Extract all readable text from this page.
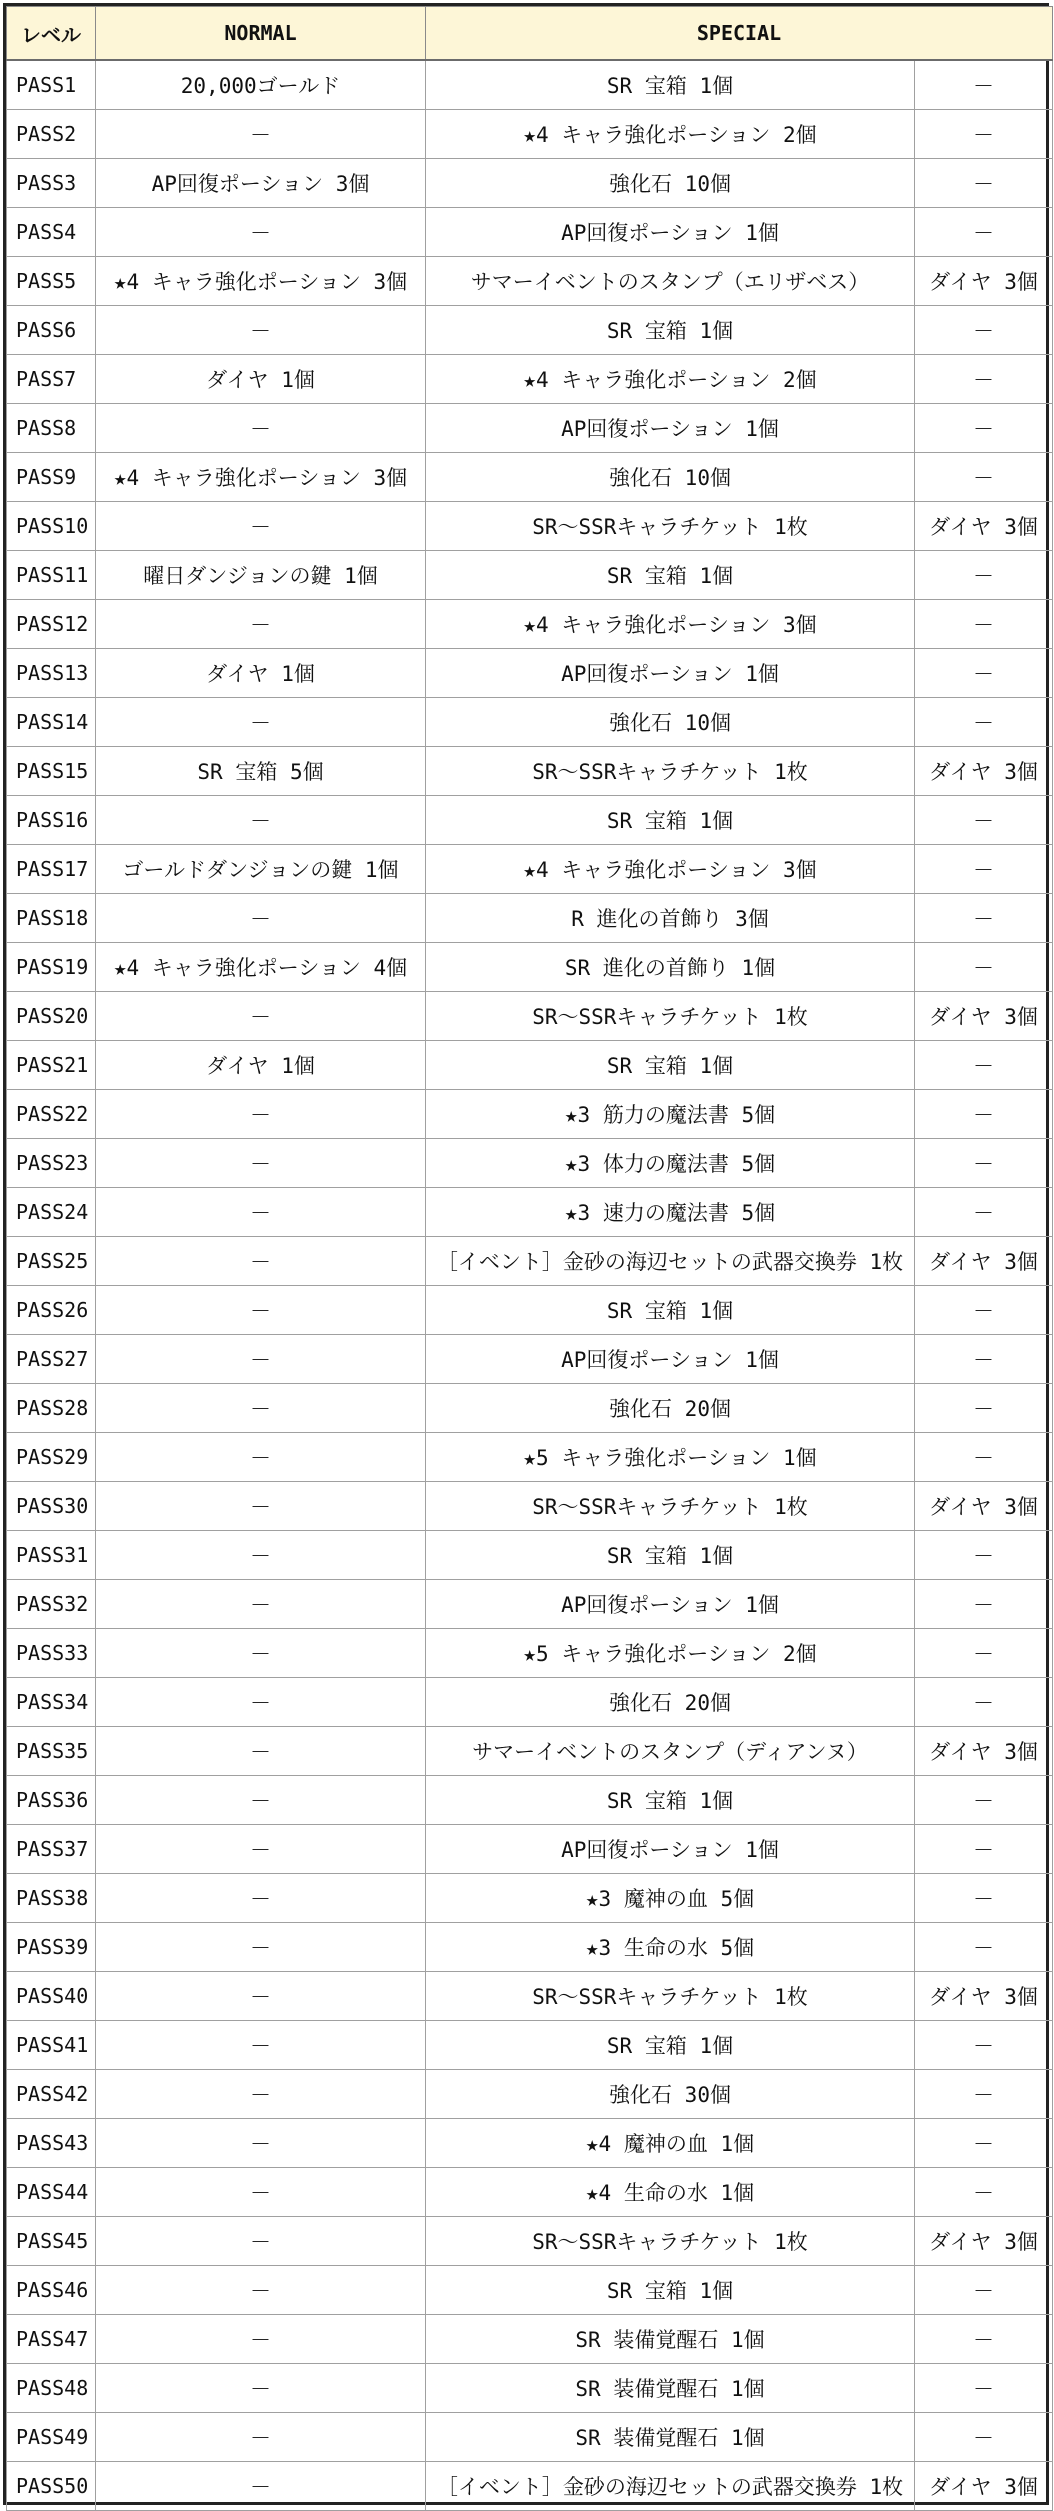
レベル	NORMAL	SPECIAL	
PASS1	20,000ゴールド	SR 宝箱 1個	－
PASS2	－	★4 キャラ強化ポーション 2個	－
PASS3	AP回復ポーション 3個	強化石 10個	－
PASS4	－	AP回復ポーション 1個	－
PASS5	★4 キャラ強化ポーション 3個	サマーイベントのスタンプ（エリザベス）	ダイヤ 3個
PASS6	－	SR 宝箱 1個	－
PASS7	ダイヤ 1個	★4 キャラ強化ポーション 2個	－
PASS8	－	AP回復ポーション 1個	－
PASS9	★4 キャラ強化ポーション 3個	強化石 10個	－
PASS10	－	SR～SSRキャラチケット 1枚	ダイヤ 3個
PASS11	曜日ダンジョンの鍵 1個	SR 宝箱 1個	－
PASS12	－	★4 キャラ強化ポーション 3個	－
PASS13	ダイヤ 1個	AP回復ポーション 1個	－
PASS14	－	強化石 10個	－
PASS15	SR 宝箱 5個	SR～SSRキャラチケット 1枚	ダイヤ 3個
PASS16	－	SR 宝箱 1個	－
PASS17	ゴールドダンジョンの鍵 1個	★4 キャラ強化ポーション 3個	－
PASS18	－	R 進化の首飾り 3個	－
PASS19	★4 キャラ強化ポーション 4個	SR 進化の首飾り 1個	－
PASS20	－	SR～SSRキャラチケット 1枚	ダイヤ 3個
PASS21	ダイヤ 1個	SR 宝箱 1個	－
PASS22	－	★3 筋力の魔法書 5個	－
PASS23	－	★3 体力の魔法書 5個	－
PASS24	－	★3 速力の魔法書 5個	－
PASS25	－	［イベント］金砂の海辺セットの武器交換券 1枚	ダイヤ 3個
PASS26	－	SR 宝箱 1個	－
PASS27	－	AP回復ポーション 1個	－
PASS28	－	強化石 20個	－
PASS29	－	★5 キャラ強化ポーション 1個	－
PASS30	－	SR～SSRキャラチケット 1枚	ダイヤ 3個
PASS31	－	SR 宝箱 1個	－
PASS32	－	AP回復ポーション 1個	－
PASS33	－	★5 キャラ強化ポーション 2個	－
PASS34	－	強化石 20個	－
PASS35	－	サマーイベントのスタンプ（ディアンヌ）	ダイヤ 3個
PASS36	－	SR 宝箱 1個	－
PASS37	－	AP回復ポーション 1個	－
PASS38	－	★3 魔神の血 5個	－
PASS39	－	★3 生命の水 5個	－
PASS40	－	SR～SSRキャラチケット 1枚	ダイヤ 3個
PASS41	－	SR 宝箱 1個	－
PASS42	－	強化石 30個	－
PASS43	－	★4 魔神の血 1個	－
PASS44	－	★4 生命の水 1個	－
PASS45	－	SR～SSRキャラチケット 1枚	ダイヤ 3個
PASS46	－	SR 宝箱 1個	－
PASS47	－	SR 装備覚醒石 1個	－
PASS48	－	SR 装備覚醒石 1個	－
PASS49	－	SR 装備覚醒石 1個	－
PASS50	－	［イベント］金砂の海辺セットの武器交換券 1枚	ダイヤ 3個
